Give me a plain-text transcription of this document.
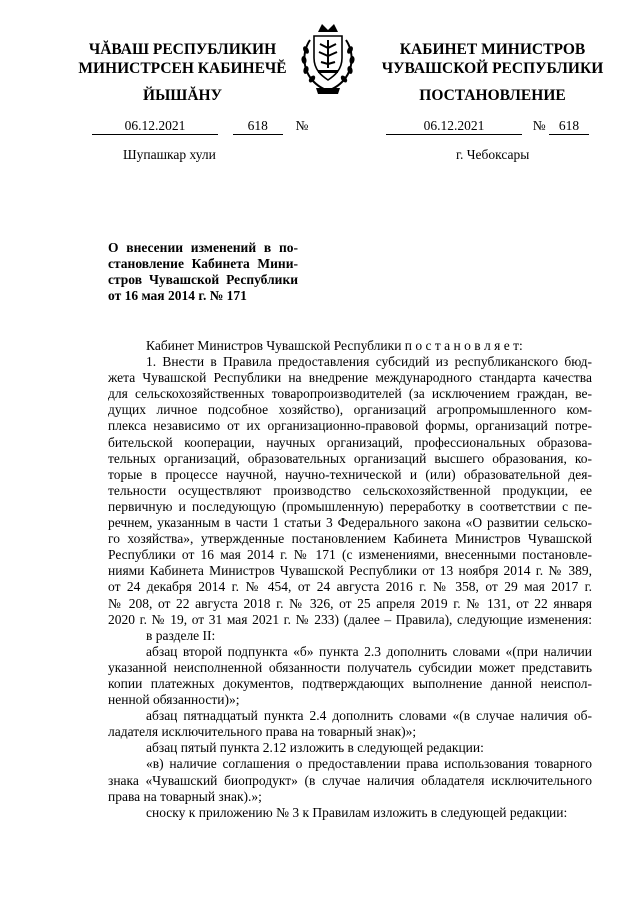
ЧĂВАШ РЕСПУБЛИКИН
МИНИСТРСЕН КАБИНЕЧĔ
ЙЫШĂНУ
КАБИНЕТ МИНИСТРОВ
ЧУВАШСКОЙ РЕСПУБЛИКИ
ПОСТАНОВЛЕНИЕ
06.12.2021	618 №	06.12.2021	№ 618
Шупашкар хули	г. Чебоксары
О внесении изменений в по-
становление Кабинета Мини-
стров Чувашской Республики
от 16 мая 2014 г. № 171
Кабинет Министров Чувашской Республики п о с т а н о в л я е т:
1. Внести в Правила предоставления субсидий из республиканского бюд-
жета Чувашской Республики на внедрение международного стандарта качества
для сельскохозяйственных товаропроизводителей (за исключением граждан, ве-
дущих личное подсобное хозяйство), организаций агропромышленного ком-
плекса независимо от их организационно-правовой формы, организаций потре-
бительской кооперации, научных организаций, профессиональных образова-
тельных организаций, образовательных организаций высшего образования, ко-
торые в процессе научной, научно-технической и (или) образовательной дея-
тельности осуществляют производство сельскохозяйственной продукции, ее
первичную и последующую (промышленную) переработку в соответствии с пе-
речнем, указанным в части 1 статьи 3 Федерального закона «О развитии сельско-
го хозяйства», утвержденные постановлением Кабинета Министров Чувашской
Республики от 16 мая 2014 г. № 171 (с изменениями, внесенными постановле-
ниями Кабинета Министров Чувашской Республики от 13 ноября 2014 г. № 389,
от 24 декабря 2014 г. № 454, от 24 августа 2016 г. № 358, от 29 мая 2017 г.
№ 208, от 22 августа 2018 г. № 326, от 25 апреля 2019 г. № 131, от 22 января
2020 г. № 19, от 31 мая 2021 г. № 233) (далее – Правила), следующие изменения:
в разделе II:
абзац второй подпункта «б» пункта 2.3 дополнить словами «(при наличии
указанной неисполненной обязанности получатель субсидии может представить
копии платежных документов, подтверждающих выполнение данной неиспол-
ненной обязанности)»;
абзац пятнадцатый пункта 2.4 дополнить словами «(в случае наличия об-
ладателя исключительного права на товарный знак)»;
абзац пятый пункта 2.12 изложить в следующей редакции:
«в) наличие соглашения о предоставлении права использования товарного
знака «Чувашский биопродукт» (в случае наличия обладателя исключительного
права на товарный знак).»;
сноску к приложению № 3 к Правилам изложить в следующей редакции:
